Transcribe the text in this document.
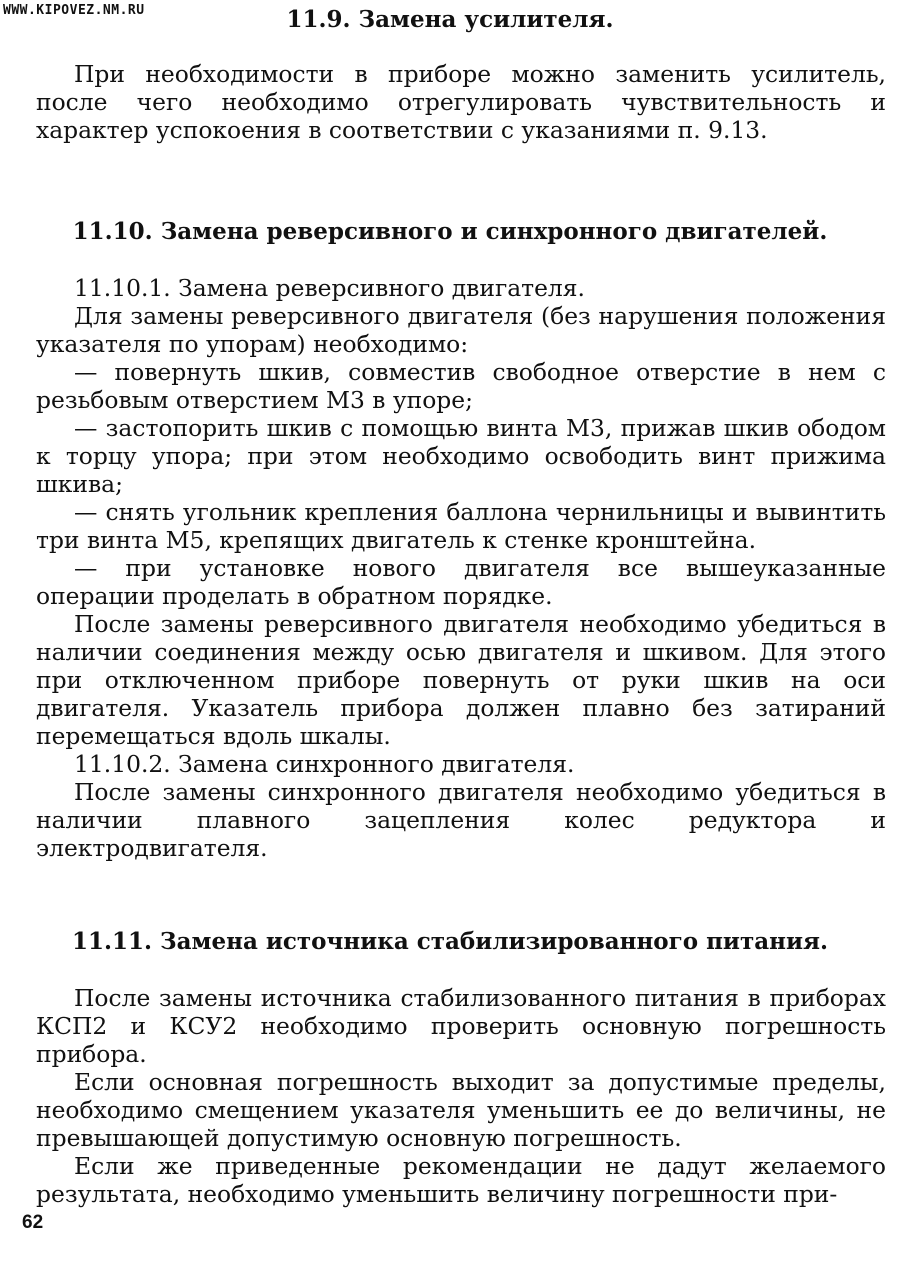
WWW.KIPOVEZ.NM.RU	11.9. Замена усилителя.

При необходимости в приборе можно заменить усилитель, после чего необходимо отрегулировать чувствительность и характер успокоения в соответствии с указаниями п. 9.13.

11.10. Замена реверсивного и синхронного двигателей.

11.10.1. Замена реверсивного двигателя.

Для замены реверсивного двигателя (без нарушения положения указателя по упорам) необходимо:

— повернуть шкив, совместив свободное отверстие в нем с резьбовым отверстием М3 в упоре;

— застопорить шкив с помощью винта М3, прижав шкив ободом к торцу упора; при этом необходимо освободить винт прижима шкива;

— снять угольник крепления баллона чернильницы и вывинтить три винта М5, крепящих двигатель к стенке кронштейна.

— при установке нового двигателя все вышеуказанные операции проделать в обратном порядке.

После замены реверсивного двигателя необходимо убедиться в наличии соединения между осью двигателя и шкивом. Для этого при отключенном приборе повернуть от руки шкив на оси двигателя. Указатель прибора должен плавно без затираний перемещаться вдоль шкалы.

11.10.2. Замена синхронного двигателя.

После замены синхронного двигателя необходимо убедиться в наличии плавного зацепления колес редуктора и электродвигателя.

11.11. Замена источника стабилизированного питания.

После замены источника стабилизованного питания в приборах КСП2 и КСУ2 необходимо проверить основную погрешность прибора.

Если основная погрешность выходит за допустимые пределы, необходимо смещением указателя уменьшить ее до величины, не превышающей допустимую основную погрешность.

Если же приведенные рекомендации не дадут желаемого результата, необходимо уменьшить величину погрешности при-

62
